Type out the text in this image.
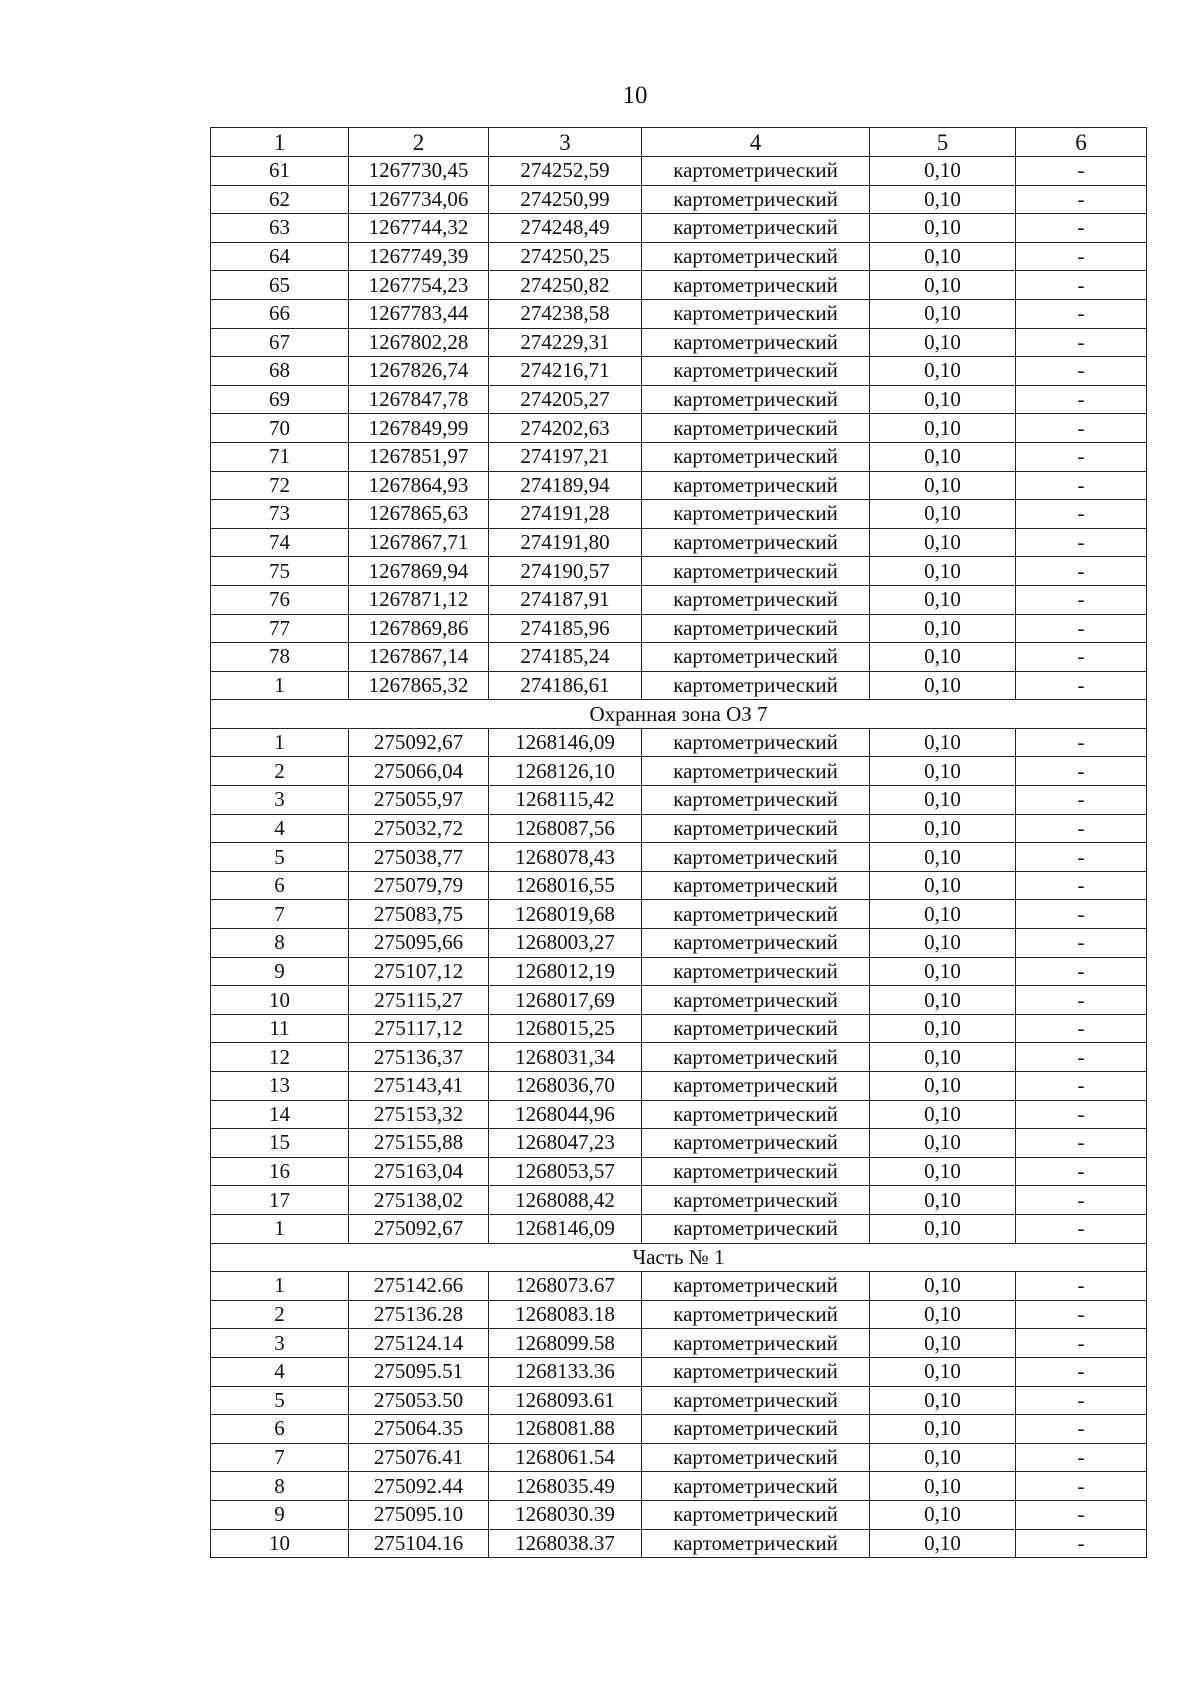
10
1	2	3	4	5	6
61	1267730,45	274252,59	картометрический	0,10	-
62	1267734,06	274250,99	картометрический	0,10	-
63	1267744,32	274248,49	картометрический	0,10	-
64	1267749,39	274250,25	картометрический	0,10	-
65	1267754,23	274250,82	картометрический	0,10	-
66	1267783,44	274238,58	картометрический	0,10	-
67	1267802,28	274229,31	картометрический	0,10	-
68	1267826,74	274216,71	картометрический	0,10	-
69	1267847,78	274205,27	картометрический	0,10	-
70	1267849,99	274202,63	картометрический	0,10	-
71	1267851,97	274197,21	картометрический	0,10	-
72	1267864,93	274189,94	картометрический	0,10	-
73	1267865,63	274191,28	картометрический	0,10	-
74	1267867,71	274191,80	картометрический	0,10	-
75	1267869,94	274190,57	картометрический	0,10	-
76	1267871,12	274187,91	картометрический	0,10	-
77	1267869,86	274185,96	картометрический	0,10	-
78	1267867,14	274185,24	картометрический	0,10	-
1	1267865,32	274186,61	картометрический	0,10	-
Охранная зона ОЗ 7					
1	275092,67	1268146,09	картометрический	0,10	-
2	275066,04	1268126,10	картометрический	0,10	-
3	275055,97	1268115,42	картометрический	0,10	-
4	275032,72	1268087,56	картометрический	0,10	-
5	275038,77	1268078,43	картометрический	0,10	-
6	275079,79	1268016,55	картометрический	0,10	-
7	275083,75	1268019,68	картометрический	0,10	-
8	275095,66	1268003,27	картометрический	0,10	-
9	275107,12	1268012,19	картометрический	0,10	-
10	275115,27	1268017,69	картометрический	0,10	-
11	275117,12	1268015,25	картометрический	0,10	-
12	275136,37	1268031,34	картометрический	0,10	-
13	275143,41	1268036,70	картометрический	0,10	-
14	275153,32	1268044,96	картометрический	0,10	-
15	275155,88	1268047,23	картометрический	0,10	-
16	275163,04	1268053,57	картометрический	0,10	-
17	275138,02	1268088,42	картометрический	0,10	-
1	275092,67	1268146,09	картометрический	0,10	-
Часть № 1					
1	275142.66	1268073.67	картометрический	0,10	-
2	275136.28	1268083.18	картометрический	0,10	-
3	275124.14	1268099.58	картометрический	0,10	-
4	275095.51	1268133.36	картометрический	0,10	-
5	275053.50	1268093.61	картометрический	0,10	-
6	275064.35	1268081.88	картометрический	0,10	-
7	275076.41	1268061.54	картометрический	0,10	-
8	275092.44	1268035.49	картометрический	0,10	-
9	275095.10	1268030.39	картометрический	0,10	-
10	275104.16	1268038.37	картометрический	0,10	-
